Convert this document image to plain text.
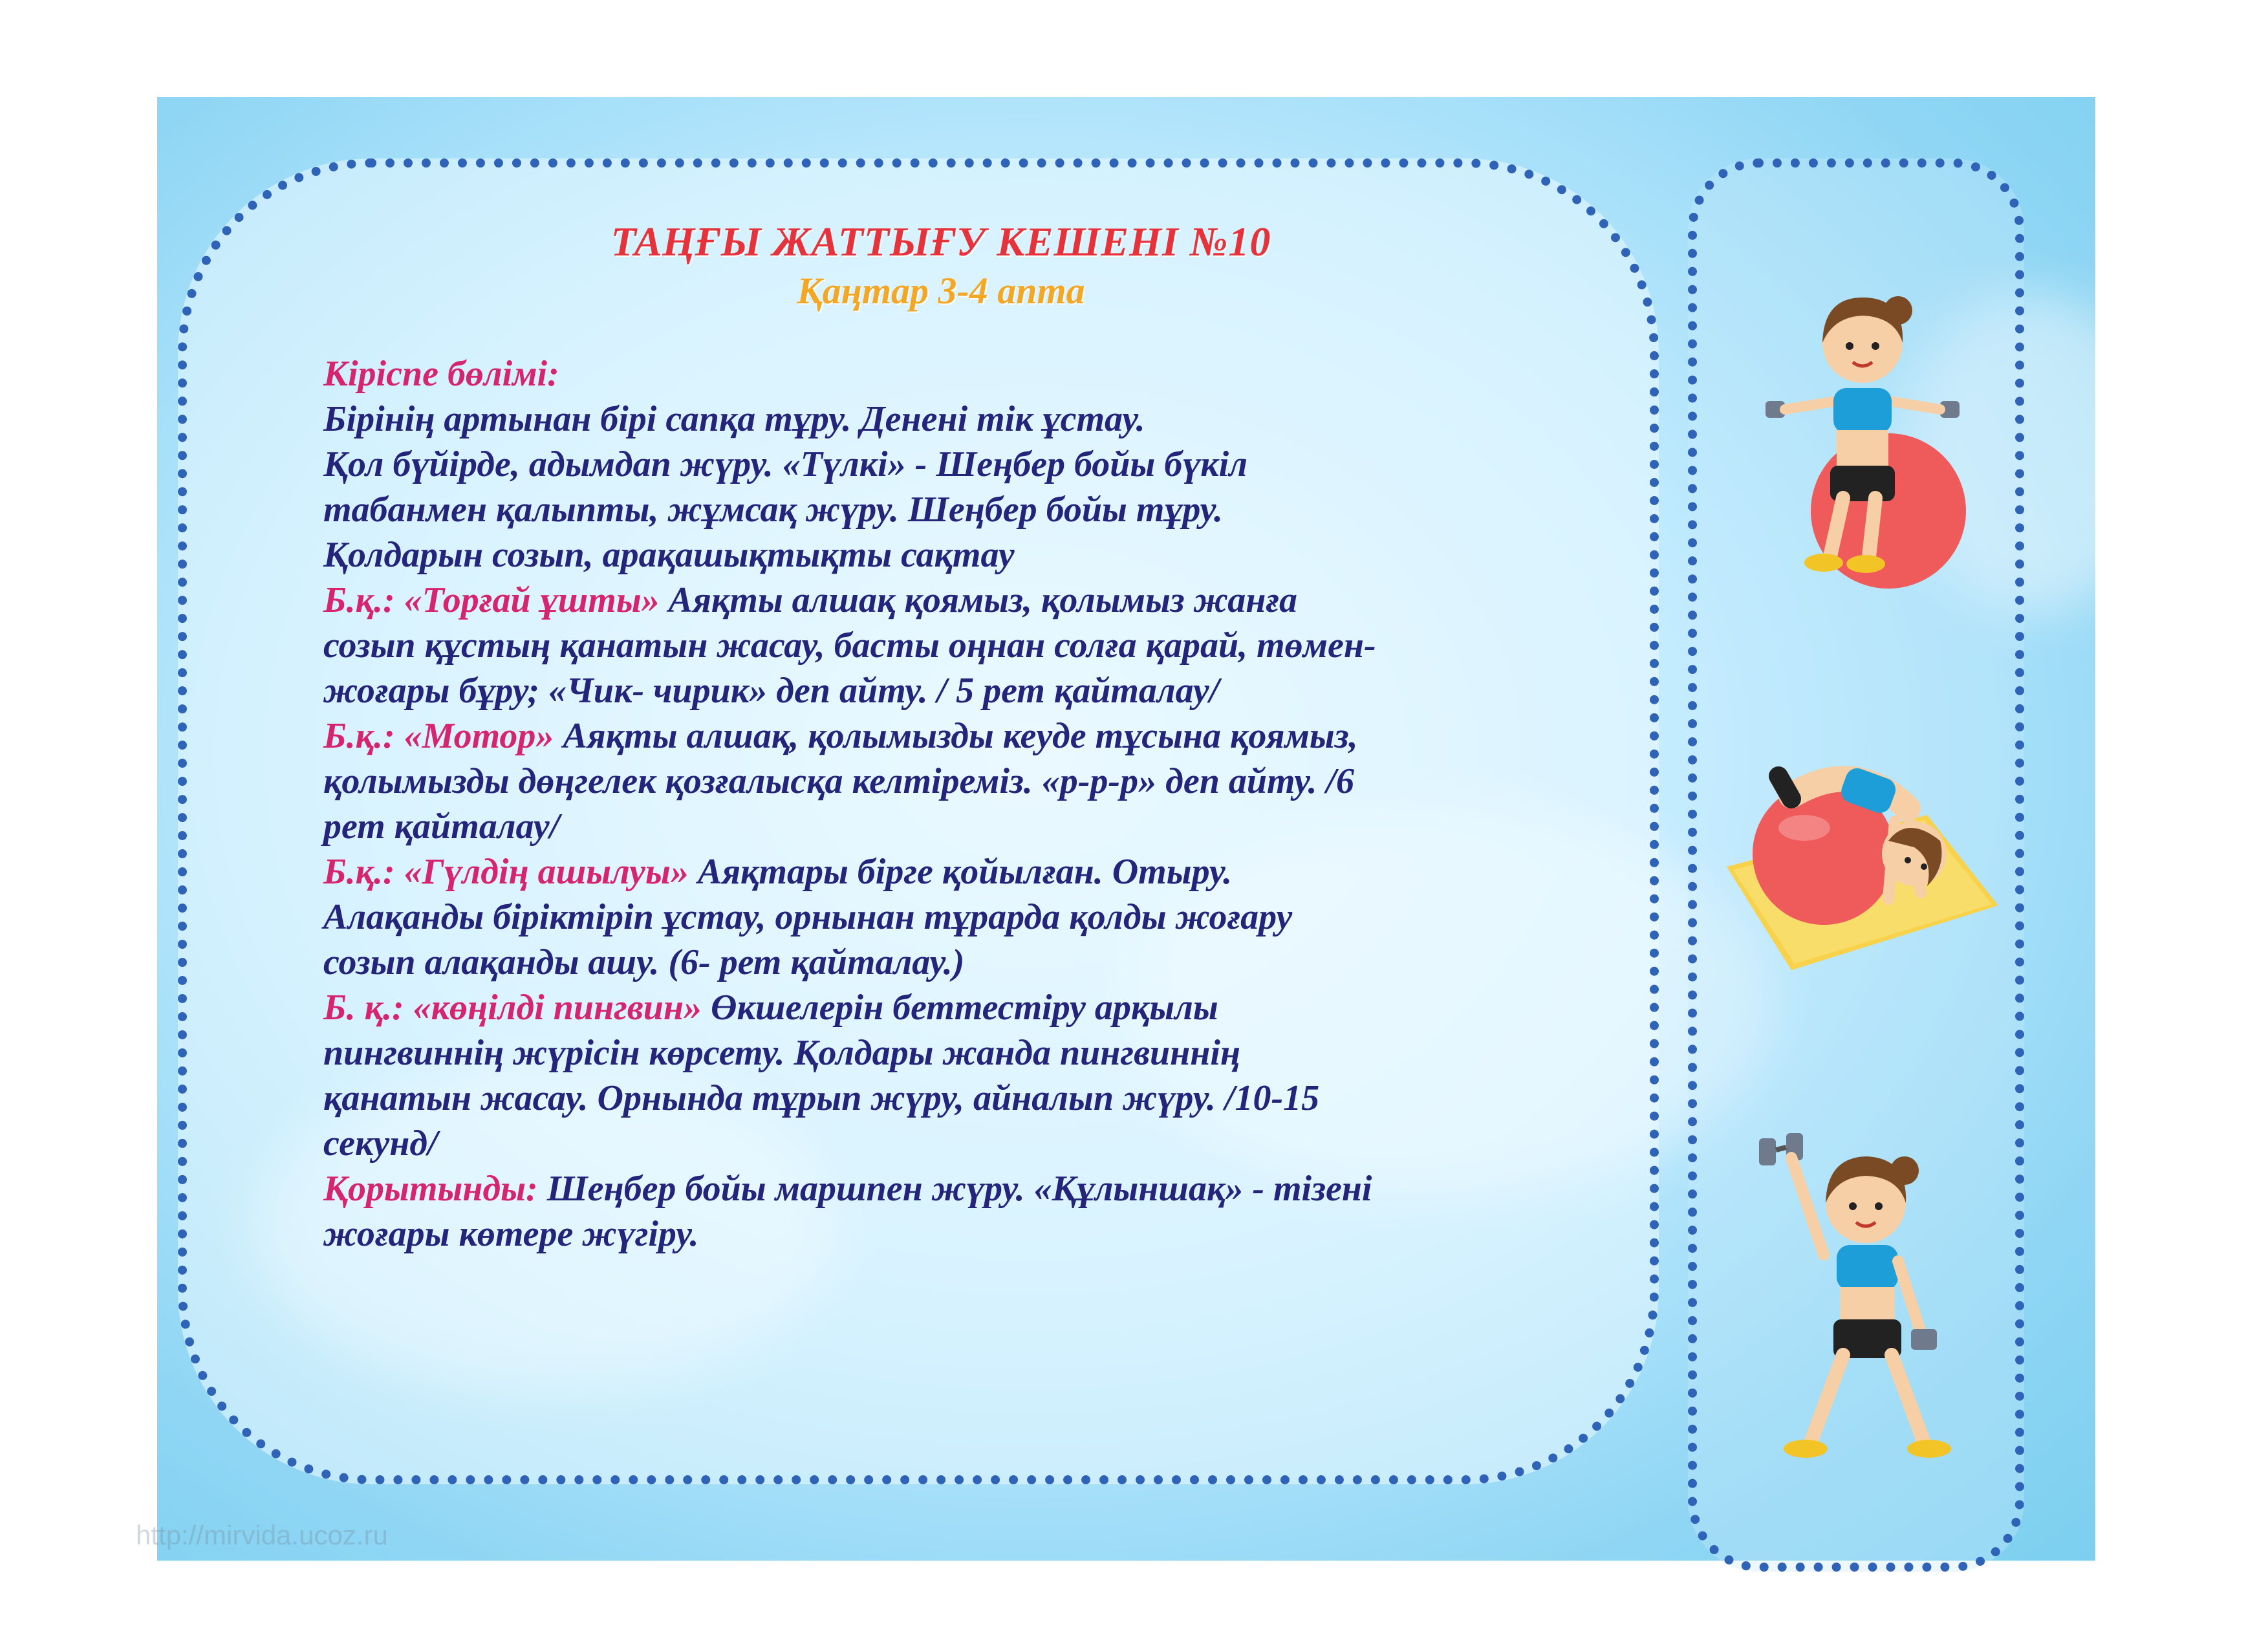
ТАҢҒЫ ЖАТТЫҒУ КЕШЕНІ №10
Қаңтар 3-4 апта

Кіріспе бөлімі:

Бірінің артынан бірі сапқа тұру. Денені тік ұстау.

Қол бүйірде, адымдап жүру. «Түлкі» - Шеңбер бойы бүкіл

табанмен қалыпты, жұмсақ жүру. Шеңбер бойы тұру.

Қолдарын созып, арақашықтықты сақтау

Б.қ.: «Торғай ұшты» Аяқты алшақ қоямыз, қолымыз жанға

созып құстың қанатын жасау, басты оңнан солға қарай, төмен-

жоғары бұру; «Чик- чирик» деп айту. / 5 рет қайталау/

Б.қ.: «Мотор» Аяқты алшақ, қолымызды кеуде тұсына қоямыз,

қолымызды дөңгелек қозғалысқа келтіреміз. «р-р-р» деп айту. /6

рет қайталау/

Б.қ.: «Гүлдің ашылуы» Аяқтары бірге қойылған. Отыру.

Алақанды біріктіріп ұстау, орнынан тұрарда қолды жоғару

созып алақанды ашу. (6- рет қайталау.)

Б. қ.: «көңілді пингвин» Өкшелерін беттестіру арқылы

пингвиннің жүрісін көрсету. Қолдары жанда пингвиннің

қанатын жасау. Орнында тұрып жүру, айналып жүру. /10-15

секунд/

Қорытынды: Шеңбер бойы маршпен жүру. «Құлыншақ» - тізені

жоғары көтере жүгіру.

http://mirvida.ucoz.ru
